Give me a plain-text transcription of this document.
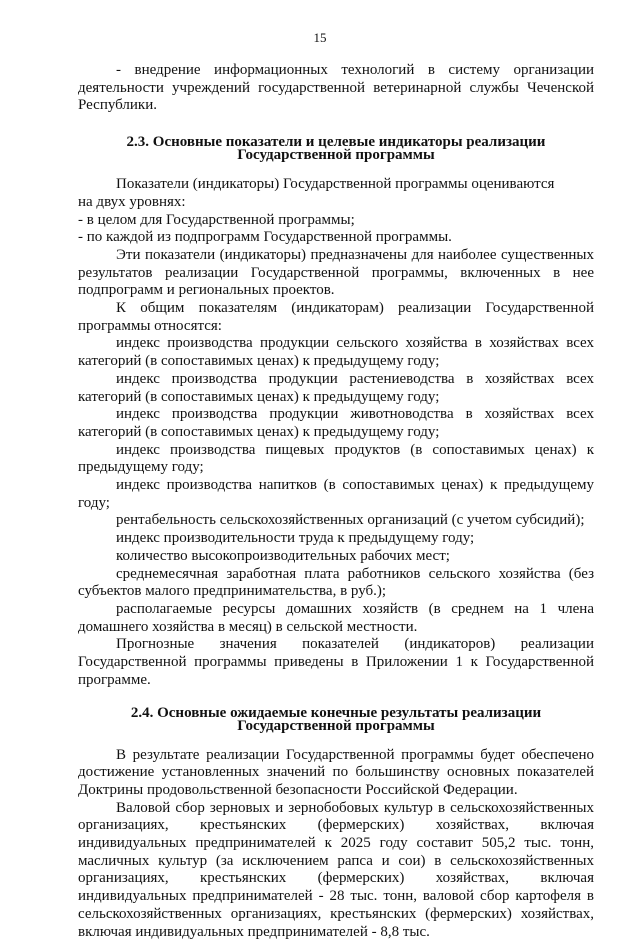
15

- внедрение информационных технологий в систему организации деятельности учреждений государственной ветеринарной службы Чеченской Республики.

2.3. Основные показатели и целевые индикаторы реализации
Государственной программы

Показатели (индикаторы) Государственной программы оцениваются

на двух уровнях:

- в целом для Государственной программы;

- по каждой из подпрограмм Государственной программы.

Эти показатели (индикаторы) предназначены для наиболее существенных результатов реализации Государственной программы, включенных в нее подпрограмм и региональных проектов.

К общим показателям (индикаторам) реализации Государственной программы относятся:

индекс производства продукции сельского хозяйства в хозяйствах всех категорий (в сопоставимых ценах) к предыдущему году;

индекс производства продукции растениеводства в хозяйствах всех категорий (в сопоставимых ценах) к предыдущему году;

индекс производства продукции животноводства в хозяйствах всех категорий (в сопоставимых ценах) к предыдущему году;

индекс производства пищевых продуктов (в сопоставимых ценах) к предыдущему году;

индекс производства напитков (в сопоставимых ценах) к предыдущему году;

рентабельность сельскохозяйственных организаций (с учетом субсидий);

индекс производительности труда к предыдущему году;

количество высокопроизводительных рабочих мест;

среднемесячная заработная плата работников сельского хозяйства (без субъектов малого предпринимательства, в руб.);

располагаемые ресурсы домашних хозяйств (в среднем на 1 члена домашнего хозяйства в месяц) в сельской местности.

Прогнозные значения показателей (индикаторов) реализации Государственной программы приведены в Приложении 1 к Государственной программе.

2.4. Основные ожидаемые конечные результаты реализации
Государственной программы

В результате реализации Государственной программы будет обеспечено достижение установленных значений по большинству основных показателей Доктрины продовольственной безопасности Российской Федерации.

Валовой сбор зерновых и зернобобовых культур в сельскохозяйственных организациях, крестьянских (фермерских) хозяйствах, включая индивидуальных предпринимателей к 2025 году составит 505,2 тыс. тонн, масличных культур (за исключением рапса и сои) в сельскохозяйственных организациях, крестьянских (фермерских) хозяйствах, включая индивидуальных предпринимателей - 28 тыс. тонн, валовой сбор картофеля в сельскохозяйственных организациях, крестьянских (фермерских) хозяйствах, включая индивидуальных предпринимателей - 8,8 тыс.
